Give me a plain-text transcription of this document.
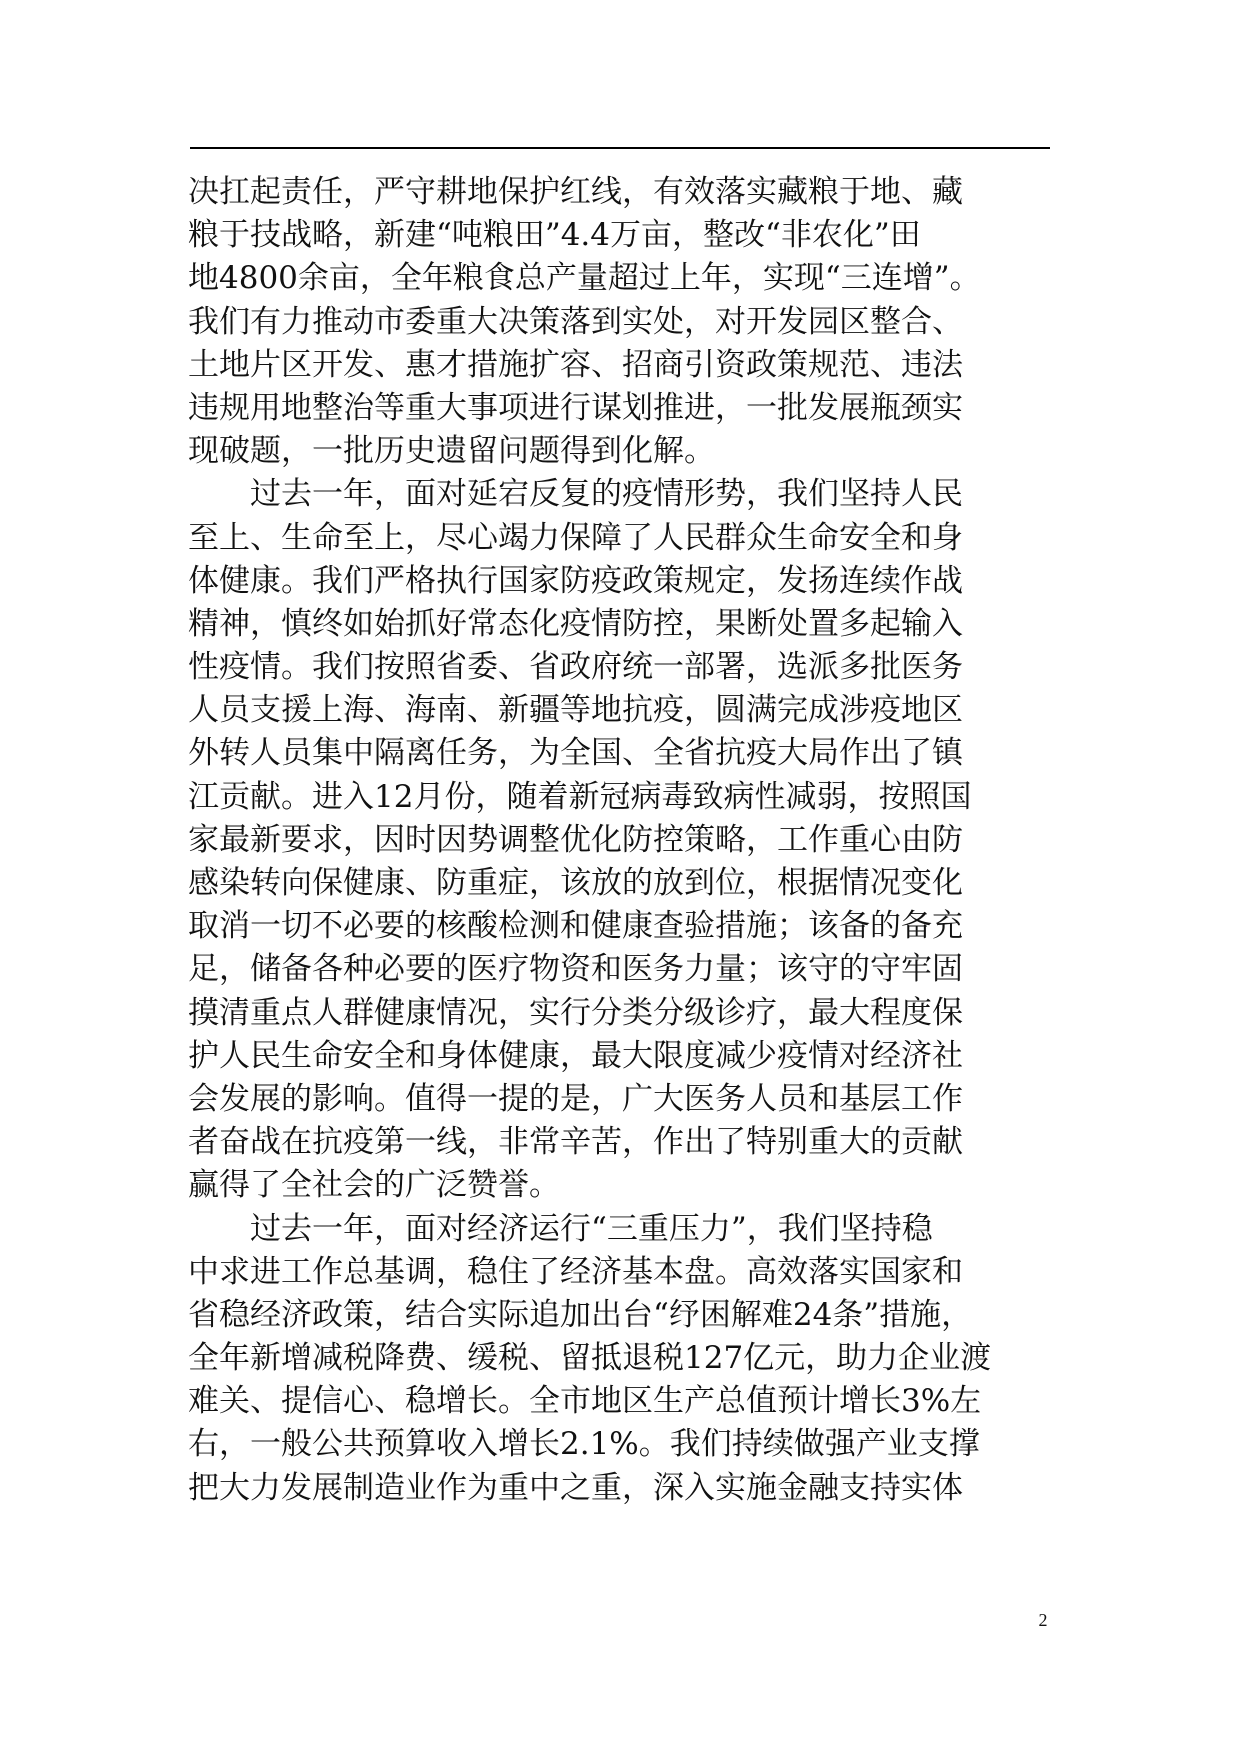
决扛起责任，严守耕地保护红线，有效落实藏粮于地、藏
粮于技战略，新建“吨粮田”4.4万亩，整改“非农化”田
地4800余亩，全年粮食总产量超过上年，实现“三连增”。
我们有力推动市委重大决策落到实处，对开发园区整合、
土地片区开发、惠才措施扩容、招商引资政策规范、违法
违规用地整治等重大事项进行谋划推进，一批发展瓶颈实
现破题，一批历史遗留问题得到化解。
　　过去一年，面对延宕反复的疫情形势，我们坚持人民
至上、生命至上，尽心竭力保障了人民群众生命安全和身
体健康。我们严格执行国家防疫政策规定，发扬连续作战
精神，慎终如始抓好常态化疫情防控，果断处置多起输入
性疫情。我们按照省委、省政府统一部署，选派多批医务
人员支援上海、海南、新疆等地抗疫，圆满完成涉疫地区
外转人员集中隔离任务，为全国、全省抗疫大局作出了镇
江贡献。进入12月份，随着新冠病毒致病性减弱，按照国
家最新要求，因时因势调整优化防控策略，工作重心由防
感染转向保健康、防重症，该放的放到位，根据情况变化
取消一切不必要的核酸检测和健康查验措施；该备的备充
足，储备各种必要的医疗物资和医务力量；该守的守牢固
摸清重点人群健康情况，实行分类分级诊疗，最大程度保
护人民生命安全和身体健康，最大限度减少疫情对经济社
会发展的影响。值得一提的是，广大医务人员和基层工作
者奋战在抗疫第一线，非常辛苦，作出了特别重大的贡献
赢得了全社会的广泛赞誉。
　　过去一年，面对经济运行“三重压力”，我们坚持稳
中求进工作总基调，稳住了经济基本盘。高效落实国家和
省稳经济政策，结合实际追加出台“纾困解难24条”措施，
全年新增减税降费、缓税、留抵退税127亿元，助力企业渡
难关、提信心、稳增长。全市地区生产总值预计增长3%左
右，一般公共预算收入增长2.1%。我们持续做强产业支撑
把大力发展制造业作为重中之重，深入实施金融支持实体
2
